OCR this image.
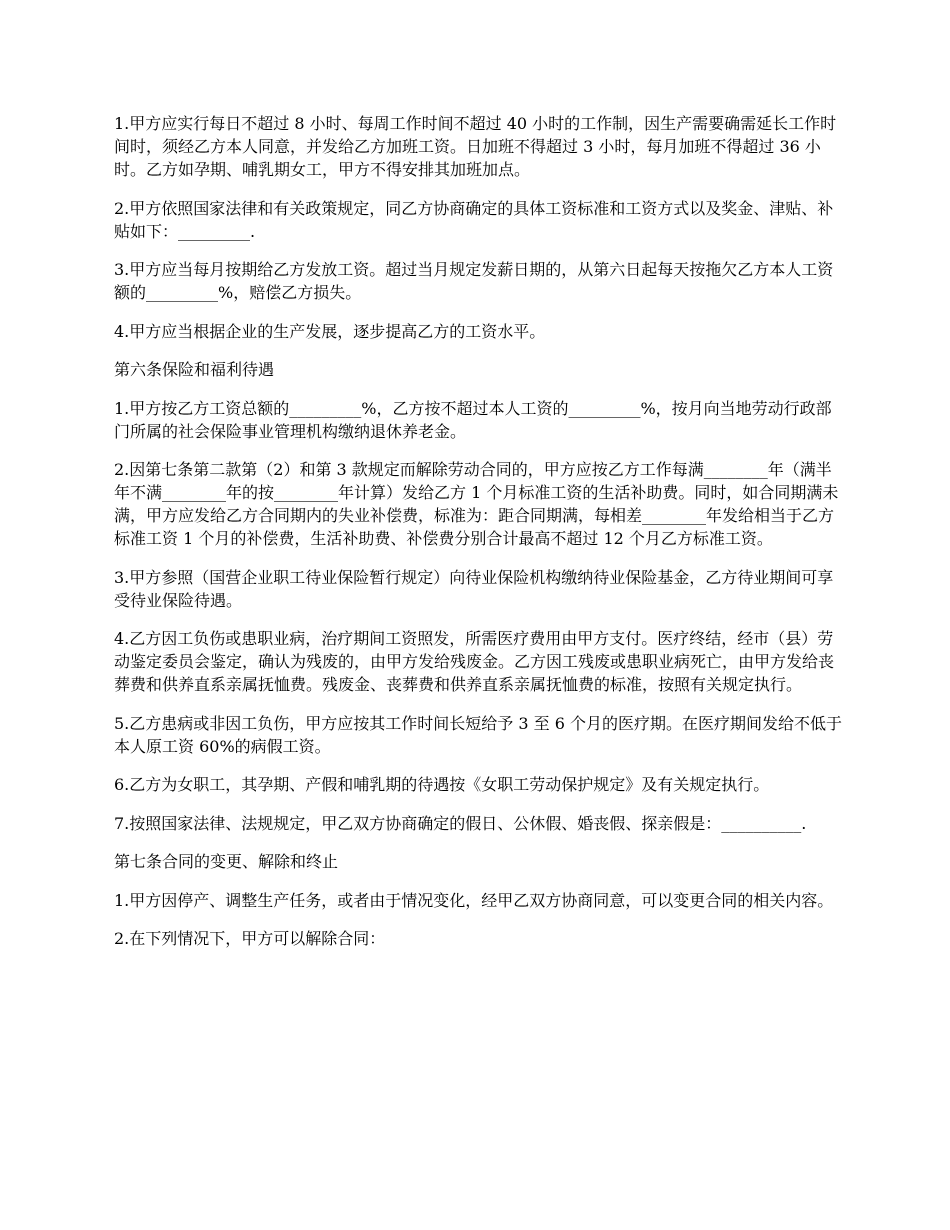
1.甲方应实行每日不超过 8 小时、每周工作时间不超过 40 小时的工作制，因生产需要确需延长工作时间时，须经乙方本人同意，并发给乙方加班工资。日加班不得超过 3 小时，每月加班不得超过 36 小时。乙方如孕期、哺乳期女工，甲方不得安排其加班加点。

2.甲方依照国家法律和有关政策规定，同乙方协商确定的具体工资标准和工资方式以及奖金、津贴、补贴如下：_________.

3.甲方应当每月按期给乙方发放工资。超过当月规定发薪日期的，从第六日起每天按拖欠乙方本人工资额的_________%，赔偿乙方损失。

4.甲方应当根据企业的生产发展，逐步提高乙方的工资水平。

第六条保险和福利待遇

1.甲方按乙方工资总额的_________%，乙方按不超过本人工资的_________%，按月向当地劳动行政部门所属的社会保险事业管理机构缴纳退休养老金。

2.因第七条第二款第（2）和第 3 款规定而解除劳动合同的，甲方应按乙方工作每满________年（满半年不满________年的按________年计算）发给乙方 1 个月标准工资的生活补助费。同时，如合同期满未满，甲方应发给乙方合同期内的失业补偿费，标准为：距合同期满，每相差________年发给相当于乙方标准工资 1 个月的补偿费，生活补助费、补偿费分别合计最高不超过 12 个月乙方标准工资。

3.甲方参照（国营企业职工待业保险暂行规定）向待业保险机构缴纳待业保险基金，乙方待业期间可享受待业保险待遇。

4.乙方因工负伤或患职业病，治疗期间工资照发，所需医疗费用由甲方支付。医疗终结，经市（县）劳动鉴定委员会鉴定，确认为残废的，由甲方发给残废金。乙方因工残废或患职业病死亡，由甲方发给丧葬费和供养直系亲属抚恤费。残废金、丧葬费和供养直系亲属抚恤费的标准，按照有关规定执行。

5.乙方患病或非因工负伤，甲方应按其工作时间长短给予 3 至 6 个月的医疗期。在医疗期间发给不低于本人原工资 60%的病假工资。

6.乙方为女职工，其孕期、产假和哺乳期的待遇按《女职工劳动保护规定》及有关规定执行。

7.按照国家法律、法规规定，甲乙双方协商确定的假日、公休假、婚丧假、探亲假是：__________.

第七条合同的变更、解除和终止

1.甲方因停产、调整生产任务，或者由于情况变化，经甲乙双方协商同意，可以变更合同的相关内容。

2.在下列情况下，甲方可以解除合同：
